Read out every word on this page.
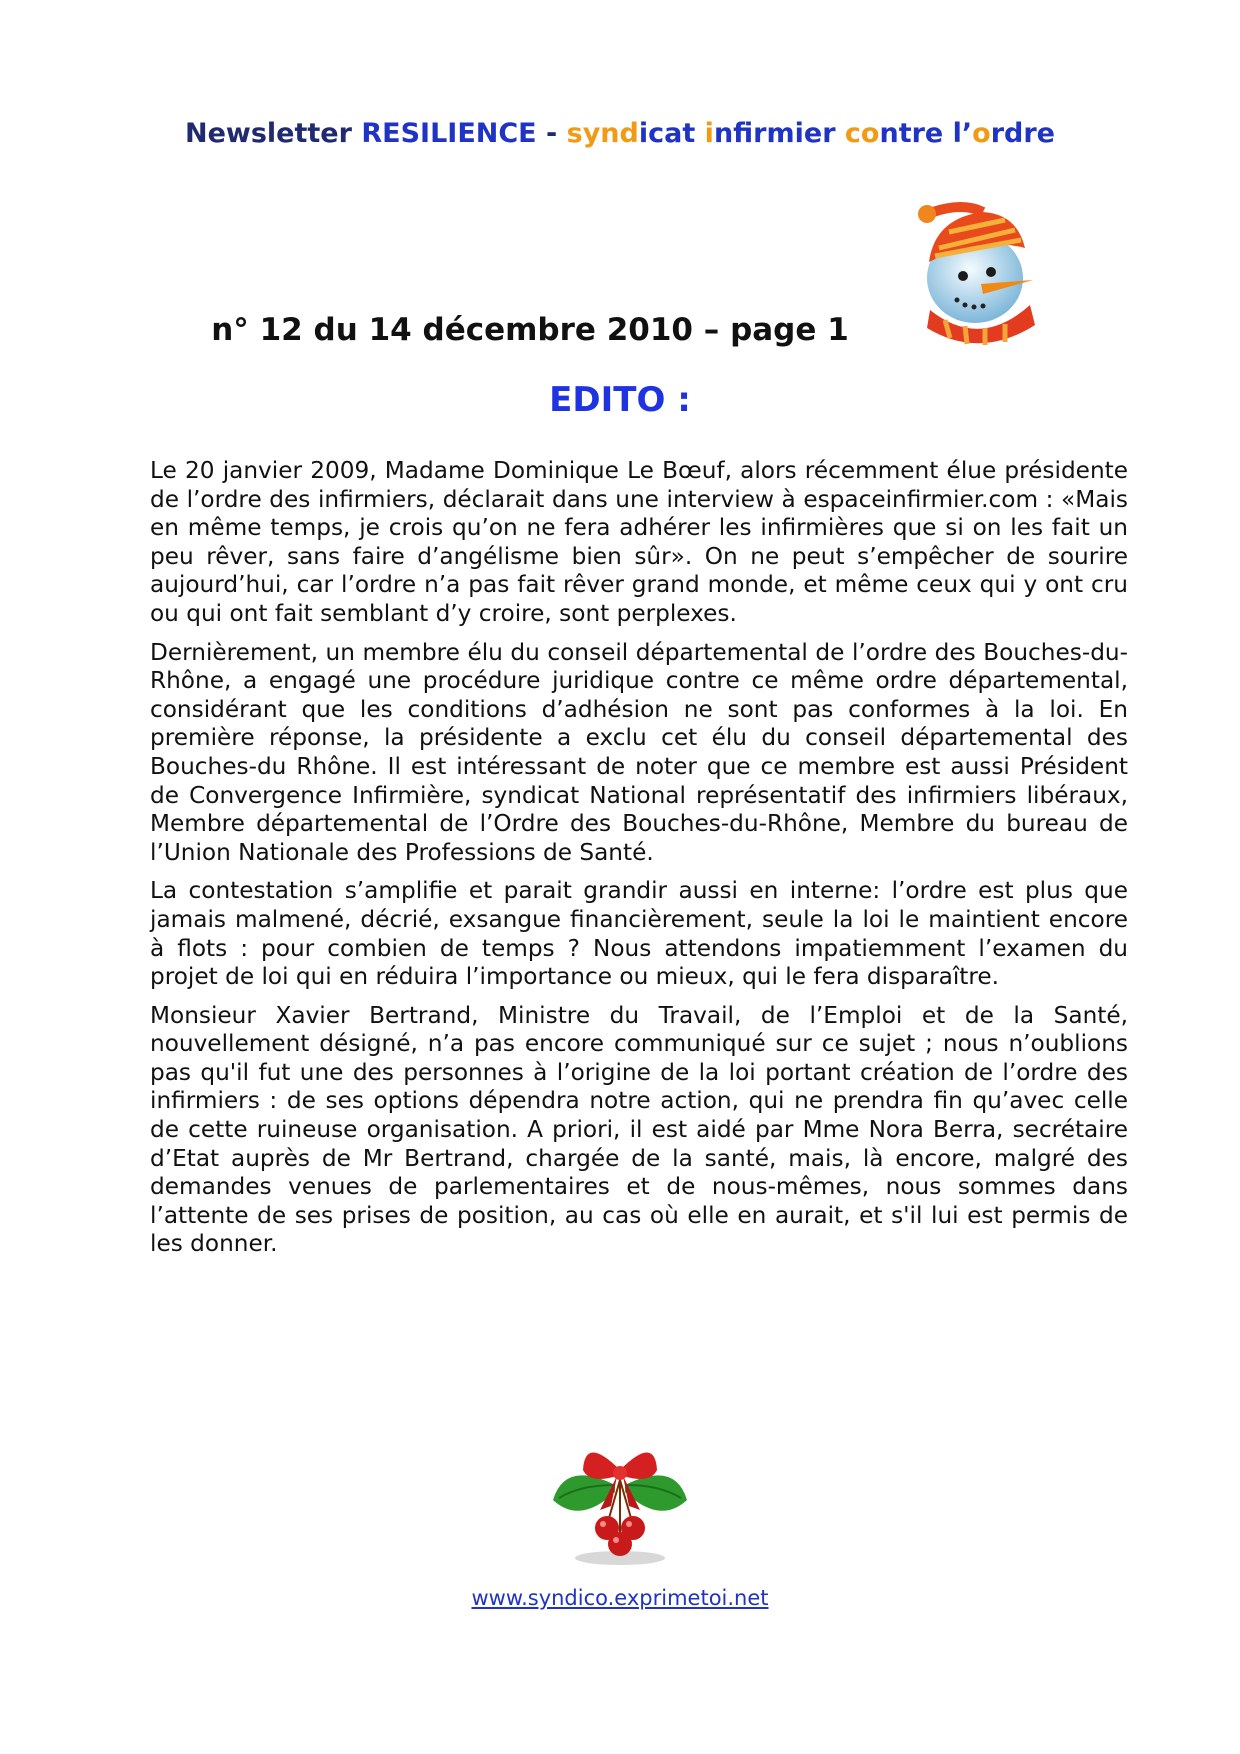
Newsletter RESILIENCE - syndicat infirmier contre l’ordre
n° 12 du 14 décembre 2010 – page 1
EDITO :

Le 20 janvier 2009, Madame Dominique Le Bœuf, alors récemment élue présidente de l’ordre des infirmiers, déclarait dans une interview à espaceinfirmier.com : «Mais en même temps, je crois qu’on ne fera adhérer les infirmières que si on les fait un peu rêver, sans faire d’angélisme bien sûr». On ne peut s’empêcher de sourire aujourd’hui, car l’ordre n’a pas fait rêver grand monde, et même ceux qui y ont cru ou qui ont fait semblant d’y croire, sont perplexes.

Dernièrement, un membre élu du conseil départemental de l’ordre des Bouches-du-Rhône, a engagé une procédure juridique contre ce même ordre départemental, considérant que les conditions d’adhésion ne sont pas conformes à la loi. En première réponse, la présidente a exclu cet élu du conseil départemental des Bouches-du Rhône. Il est intéressant de noter que ce membre est aussi Président de Convergence Infirmière, syndicat National représentatif des infirmiers libéraux, Membre départemental de l’Ordre des Bouches-du-Rhône, Membre du bureau de l’Union Nationale des Professions de Santé.

La contestation s’amplifie et parait grandir aussi en interne: l’ordre est plus que jamais malmené, décrié, exsangue financièrement, seule la loi le maintient encore à flots : pour combien de temps ? Nous attendons impatiemment l’examen du projet de loi qui en réduira l’importance ou mieux, qui le fera disparaître.

Monsieur Xavier Bertrand, Ministre du Travail, de l’Emploi et de la Santé, nouvellement désigné, n’a pas encore communiqué sur ce sujet ; nous n’oublions pas qu'il fut une des personnes à l’origine de la loi portant création de l’ordre des infirmiers : de ses options dépendra notre action, qui ne prendra fin qu’avec celle de cette ruineuse organisation. A priori, il est aidé par Mme Nora Berra, secrétaire d’Etat auprès de Mr Bertrand, chargée de la santé, mais, là encore, malgré des demandes venues de parlementaires et de nous-mêmes, nous sommes dans l’attente de ses prises de position, au cas où elle en aurait, et s'il lui est permis de les donner.

www.syndico.exprimetoi.net
